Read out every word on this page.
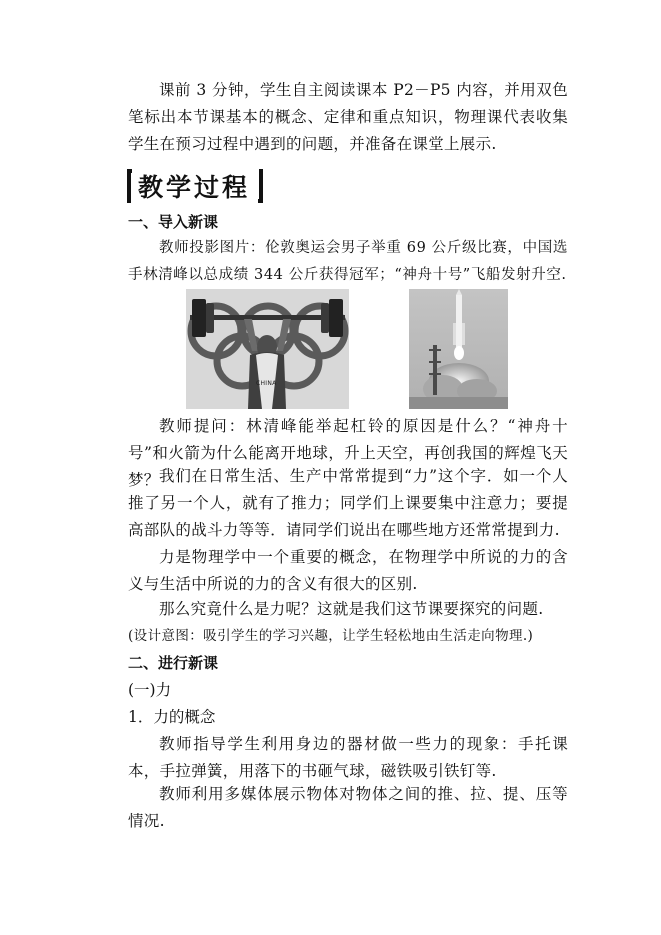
课前 3 分钟，学生自主阅读课本 P2－P5 内容，并用双色笔标出本节课基本的概念、定律和重点知识，物理课代表收集学生在预习过程中遇到的问题，并准备在课堂上展示.

教学过程

一、导入新课

教师投影图片：伦敦奥运会男子举重 69 公斤级比赛，中国选手林清峰以总成绩 344 公斤获得冠军；“神舟十号”飞船发射升空.

CHINA

教师提问：林清峰能举起杠铃的原因是什么？“神舟十号”和火箭为什么能离开地球，升上天空，再创我国的辉煌飞天梦？ 我们在日常生活、生产中常常提到“力”这个字．如一个人推了另一个人，就有了推力；同学们上课要集中注意力；要提高部队的战斗力等等．请同学们说出在哪些地方还常常提到力.

力是物理学中一个重要的概念，在物理学中所说的力的含义与生活中所说的力的含义有很大的区别.

那么究竟什么是力呢？这就是我们这节课要探究的问题.

(设计意图：吸引学生的学习兴趣，让学生轻松地由生活走向物理.)

二、进行新课

(一)力

1．力的概念

教师指导学生利用身边的器材做一些力的现象：手托课本，手拉弹簧，用落下的书砸气球，磁铁吸引铁钉等.

教师利用多媒体展示物体对物体之间的推、拉、提、压等情况.
